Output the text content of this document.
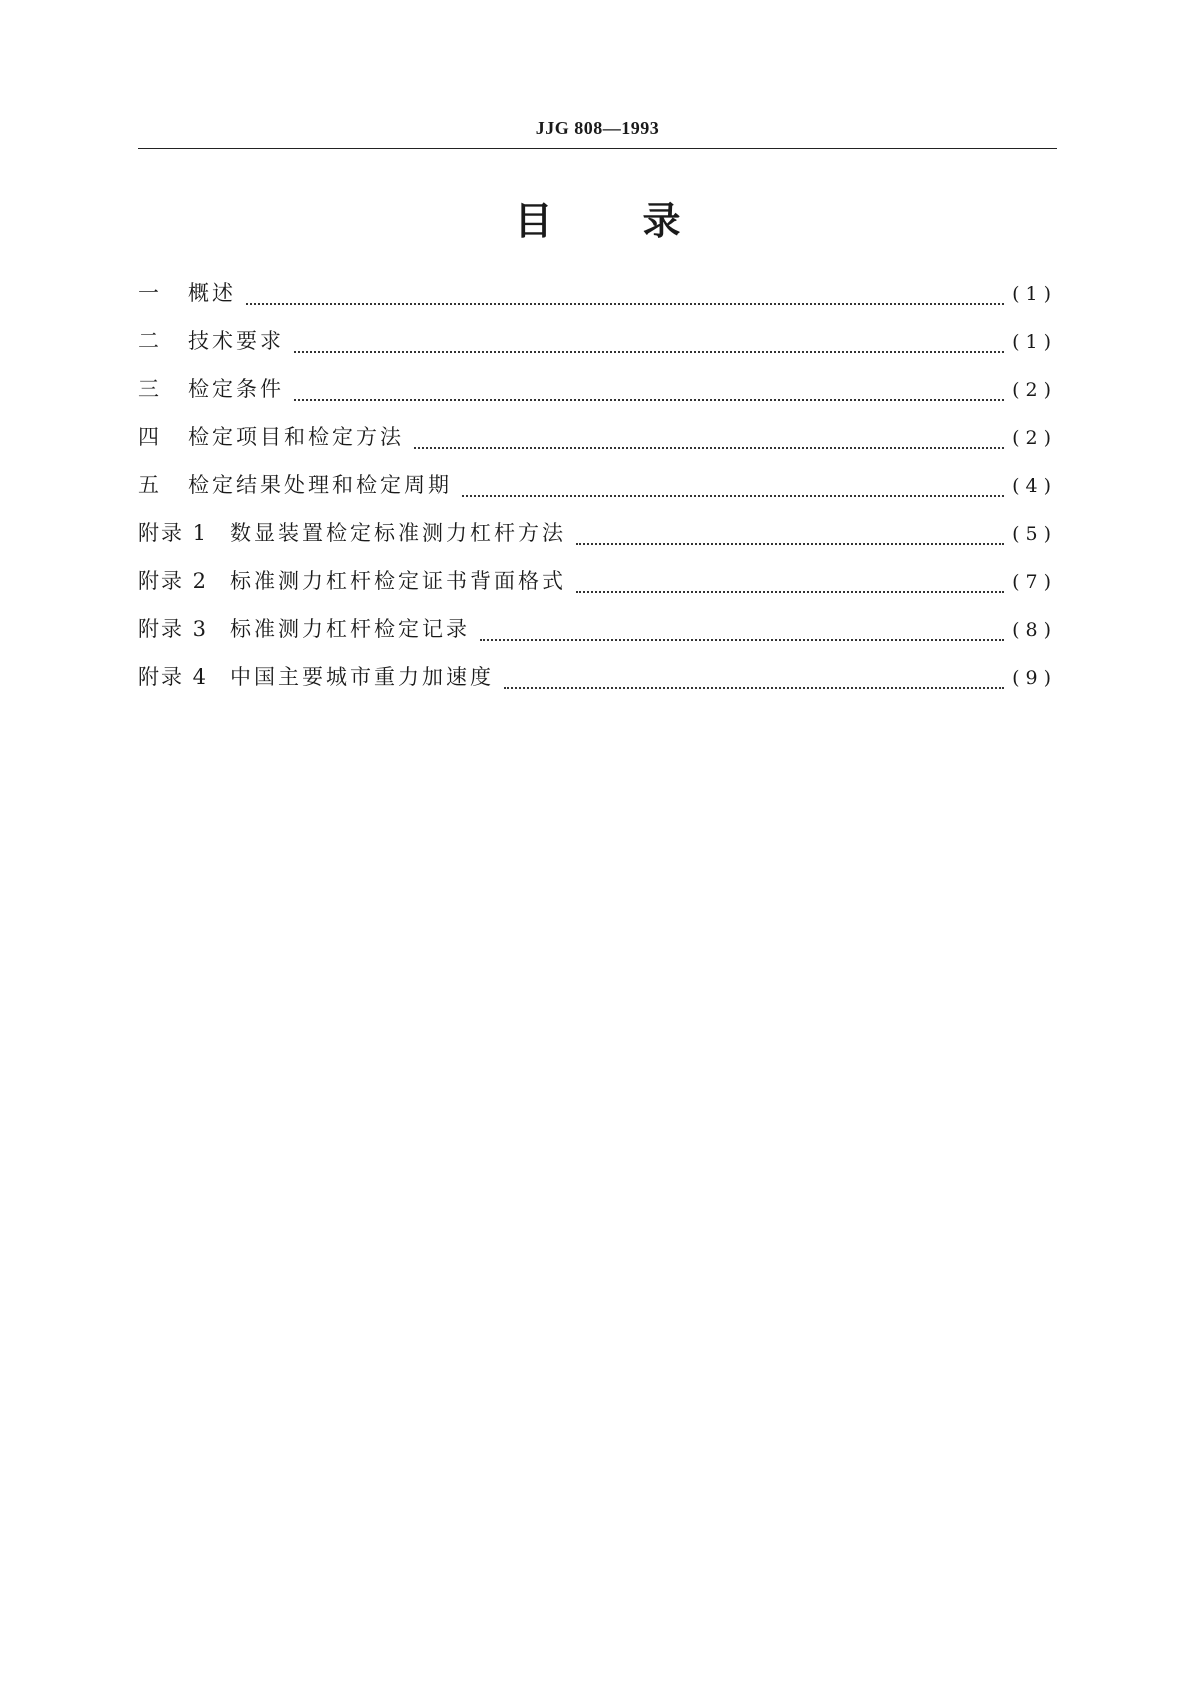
JJG 808—1993
目 录
一	概述	(1)
二	技术要求	(1)
三	检定条件	(2)
四	检定项目和检定方法	(2)
五	检定结果处理和检定周期	(4)
附录 1	数显装置检定标准测力杠杆方法	(5)
附录 2	标准测力杠杆检定证书背面格式	(7)
附录 3	标准测力杠杆检定记录	(8)
附录 4	中国主要城市重力加速度	(9)
